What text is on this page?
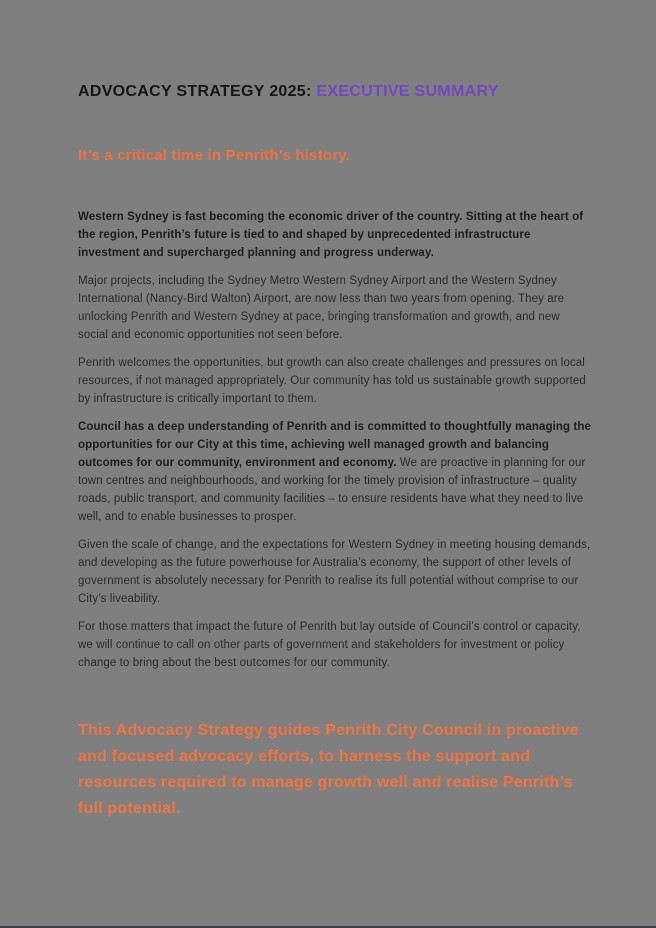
ADVOCACY STRATEGY 2025: EXECUTIVE SUMMARY
It’s a critical time in Penrith’s history.

Western Sydney is fast becoming the economic driver of the country. Sitting at the heart of the region, Penrith’s future is tied to and shaped by unprecedented infrastructure investment and supercharged planning and progress underway.

Major projects, including the Sydney Metro Western Sydney Airport and the Western Sydney International (Nancy-Bird Walton) Airport, are now less than two years from opening. They are unlocking Penrith and Western Sydney at pace, bringing transformation and growth, and new social and economic opportunities not seen before.

Penrith welcomes the opportunities, but growth can also create challenges and pressures on local resources, if not managed appropriately. Our community has told us sustainable growth supported by infrastructure is critically important to them.

Council has a deep understanding of Penrith and is committed to thoughtfully managing the opportunities for our City at this time, achieving well managed growth and balancing outcomes for our community, environment and economy. We are proactive in planning for our town centres and neighbourhoods, and working for the timely provision of infrastructure – quality roads, public transport, and community facilities – to ensure residents have what they need to live well, and to enable businesses to prosper.

Given the scale of change, and the expectations for Western Sydney in meeting housing demands, and developing as the future powerhouse for Australia’s economy, the support of other levels of government is absolutely necessary for Penrith to realise its full potential without comprise to our City’s liveability.

For those matters that impact the future of Penrith but lay outside of Council’s control or capacity, we will continue to call on other parts of government and stakeholders for investment or policy change to bring about the best outcomes for our community.

This Advocacy Strategy guides Penrith City Council in proactive and focused advocacy efforts, to harness the support and resources required to manage growth well and realise Penrith’s full potential.
